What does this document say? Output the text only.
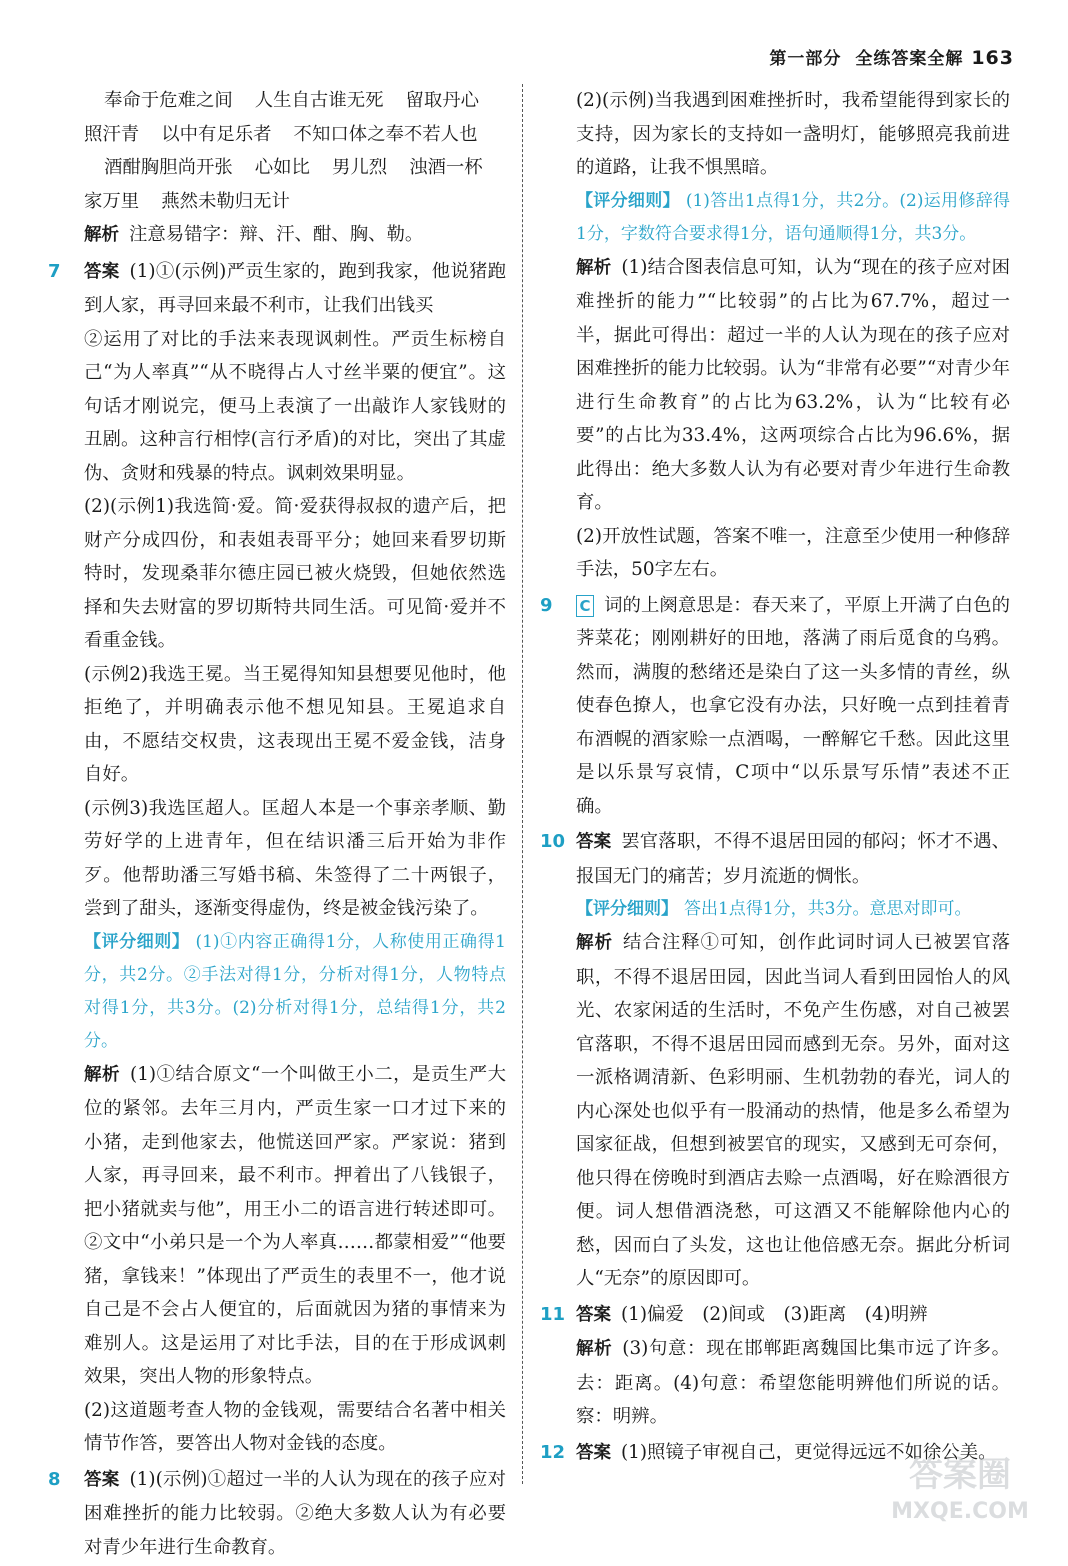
第一部分 全练答案全解 163
奉命于危难之间 人生自古谁无死 留取丹心
照汗青 以中有足乐者 不知口体之奉不若人也
酒酣胸胆尚开张 心如比 男儿烈 浊酒一杯
家万里 燕然未勒归无计

解析 注意易错字：辩、汗、酣、胸、勒。

7	答案 (1)①(示例)严贡生家的，跑到我家，他说猪跑到人家，再寻回来最不利市，让我们出钱买

②运用了对比的手法来表现讽刺性。严贡生标榜自己“为人率真”“从不晓得占人寸丝半粟的便宜”。这句话才刚说完，便马上表演了一出敲诈人家钱财的丑剧。这种言行相悖(言行矛盾)的对比，突出了其虚伪、贪财和残暴的特点。讽刺效果明显。

(2)(示例1)我选简·爱。简·爱获得叔叔的遗产后，把财产分成四份，和表姐表哥平分；她回来看罗切斯特时，发现桑菲尔德庄园已被火烧毁，但她依然选择和失去财富的罗切斯特共同生活。可见简·爱并不看重金钱。

(示例2)我选王冕。当王冕得知知县想要见他时，他拒绝了，并明确表示他不想见知县。王冕追求自由，不愿结交权贵，这表现出王冕不爱金钱，洁身自好。

(示例3)我选匡超人。匡超人本是一个事亲孝顺、勤劳好学的上进青年，但在结识潘三后开始为非作歹。他帮助潘三写婚书稿、朱签得了二十两银子，尝到了甜头，逐渐变得虚伪，终是被金钱污染了。

【评分细则】 (1)①内容正确得1分，人称使用正确得1分，共2分。②手法对得1分，分析对得1分，人物特点对得1分，共3分。(2)分析对得1分，总结得1分，共2分。

解析 (1)①结合原文“一个叫做王小二，是贡生严大位的紧邻。去年三月内，严贡生家一口才过下来的小猪，走到他家去，他慌送回严家。严家说：猪到人家，再寻回来，最不利市。押着出了八钱银子，把小猪就卖与他”，用王小二的语言进行转述即可。②文中“小弟只是一个为人率真……都蒙相爱”“他要猪，拿钱来！”体现出了严贡生的表里不一，他才说自己是不会占人便宜的，后面就因为猪的事情来为难别人。这是运用了对比手法，目的在于形成讽刺效果，突出人物的形象特点。

(2)这道题考查人物的金钱观，需要结合名著中相关情节作答，要答出人物对金钱的态度。

8	答案 (1)(示例)①超过一半的人认为现在的孩子应对困难挫折的能力比较弱。②绝大多数人认为有必要对青少年进行生命教育。

(2)(示例)当我遇到困难挫折时，我希望能得到家长的支持，因为家长的支持如一盏明灯，能够照亮我前进的道路，让我不惧黑暗。

【评分细则】 (1)答出1点得1分，共2分。(2)运用修辞得1分，字数符合要求得1分，语句通顺得1分，共3分。

解析 (1)结合图表信息可知，认为“现在的孩子应对困难挫折的能力”“比较弱”的占比为67.7%，超过一半，据此可得出：超过一半的人认为现在的孩子应对困难挫折的能力比较弱。认为“非常有必要”“对青少年进行生命教育”的占比为63.2%，认为“比较有必要”的占比为33.4%，这两项综合占比为96.6%，据此得出：绝大多数人认为有必要对青少年进行生命教育。

(2)开放性试题，答案不唯一，注意至少使用一种修辞手法，50字左右。

9	C 词的上阕意思是：春天来了，平原上开满了白色的荠菜花；刚刚耕好的田地，落满了雨后觅食的乌鸦。然而，满腹的愁绪还是染白了这一头多情的青丝，纵使春色撩人，也拿它没有办法，只好晚一点到挂着青布酒幌的酒家赊一点酒喝，一醉解它千愁。因此这里是以乐景写哀情，C项中“以乐景写乐情”表述不正确。

10 答案 罢官落职，不得不退居田园的郁闷；怀才不遇、报国无门的痛苦；岁月流逝的惆怅。

【评分细则】 答出1点得1分，共3分。意思对即可。

解析 结合注释①可知，创作此词时词人已被罢官落职，不得不退居田园，因此当词人看到田园怡人的风光、农家闲适的生活时，不免产生伤感，对自己被罢官落职，不得不退居田园而感到无奈。另外，面对这一派格调清新、色彩明丽、生机勃勃的春光，词人的内心深处也似乎有一股涌动的热情，他是多么希望为国家征战，但想到被罢官的现实，又感到无可奈何，他只得在傍晚时到酒店去赊一点酒喝，好在赊酒很方便。词人想借酒浇愁，可这酒又不能解除他内心的愁，因而白了头发，这也让他倍感无奈。据此分析词人“无奈”的原因即可。

11 答案 (1)偏爱　(2)间或　(3)距离　(4)明辨

解析 (3)句意：现在邯郸距离魏国比集市远了许多。去：距离。(4)句意：希望您能明辨他们所说的话。察：明辨。

12 答案 (1)照镜子审视自己，更觉得远远不如徐公美。

答案圈
MXQE.COM
